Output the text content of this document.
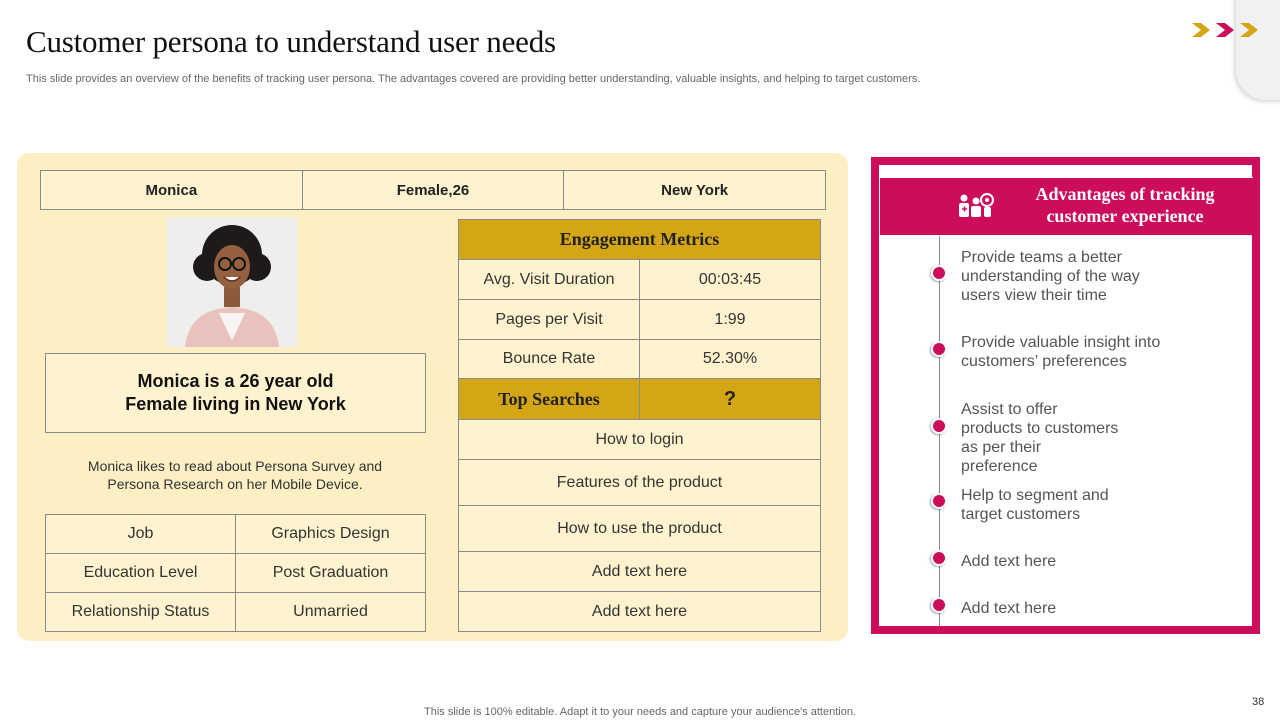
Customer persona to understand user needs

This slide provides an overview of the benefits of tracking user persona. The advantages covered are providing better understanding, valuable insights, and helping to target customers.

Monica	Female,26	New York
Monica is a 26 year old Female living in New York

Monica likes to read about Persona Survey and Persona Research on her Mobile Device.

Job	Graphics Design
Education Level	Post Graduation
Relationship Status	Unmarried
Engagement Metrics	
Avg. Visit Duration	00:03:45
Pages per Visit	1:99
Bounce Rate	52.30%
Top Searches	?
How to login	
Features of the product	
How to use the product	
Add text here	
Add text here	
Advantages of tracking customer experience
Provide teams a better understanding of the way users view their time
Provide valuable insight into customers’ preferences
Assist to offer products to customers as per their preference
Help to segment and target customers
Add text here
Add text here

This slide is 100% editable. Adapt it to your needs and capture your audience's attention.

38
